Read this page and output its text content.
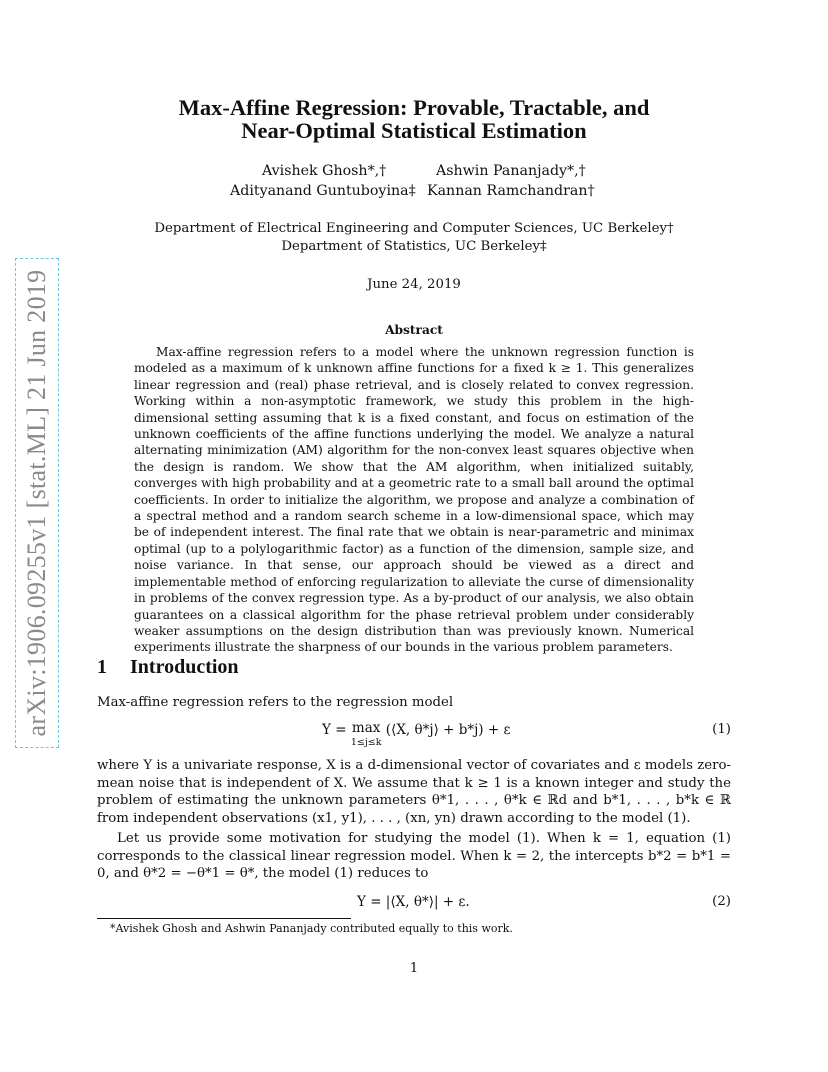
arXiv:1906.09255v1 [stat.ML] 21 Jun 2019
Max-Affine Regression: Provable, Tractable, and
Near-Optimal Statistical Estimation
Avishek Ghosh*,†	Ashwin Pananjady*,†
Adityanand Guntuboyina‡ Kannan Ramchandran†
Department of Electrical Engineering and Computer Sciences, UC Berkeley†
Department of Statistics, UC Berkeley‡
June 24, 2019
Abstract

Max-affine regression refers to a model where the unknown regression function is modeled as a maximum of k unknown affine functions for a fixed k ≥ 1. This generalizes linear regression and (real) phase retrieval, and is closely related to convex regression. Working within a non-asymptotic framework, we study this problem in the high-dimensional setting assuming that k is a fixed constant, and focus on estimation of the unknown coefficients of the affine functions underlying the model. We analyze a natural alternating minimization (AM) algorithm for the non-convex least squares objective when the design is random. We show that the AM algorithm, when initialized suitably, converges with high probability and at a geometric rate to a small ball around the optimal coefficients. In order to initialize the algorithm, we propose and analyze a combination of a spectral method and a random search scheme in a low-dimensional space, which may be of independent interest. The final rate that we obtain is near-parametric and minimax optimal (up to a polylogarithmic factor) as a function of the dimension, sample size, and noise variance. In that sense, our approach should be viewed as a direct and implementable method of enforcing regularization to alleviate the curse of dimensionality in problems of the convex regression type. As a by-product of our analysis, we also obtain guarantees on a classical algorithm for the phase retrieval problem under considerably weaker assumptions on the design distribution than was previously known. Numerical experiments illustrate the sharpness of our bounds in the various problem parameters.

1 Introduction
Max-affine regression refers to the regression model
Y = max
1≤j≤k (⟨X, θ*j⟩ + b*j) + ε	(1)

where Y is a univariate response, X is a d-dimensional vector of covariates and ε models zero-mean noise that is independent of X. We assume that k ≥ 1 is a known integer and study the problem of estimating the unknown parameters θ*1, . . . , θ*k ∈ ℝd and b*1, . . . , b*k ∈ ℝ from independent observations (x1, y1), . . . , (xn, yn) drawn according to the model (1).

Let us provide some motivation for studying the model (1). When k = 1, equation (1) corresponds to the classical linear regression model. When k = 2, the intercepts b*2 = b*1 = 0, and θ*2 = −θ*1 = θ*, the model (1) reduces to

Y = |⟨X, θ*⟩| + ε.	(2)
*Avishek Ghosh and Ashwin Pananjady contributed equally to this work.
1
